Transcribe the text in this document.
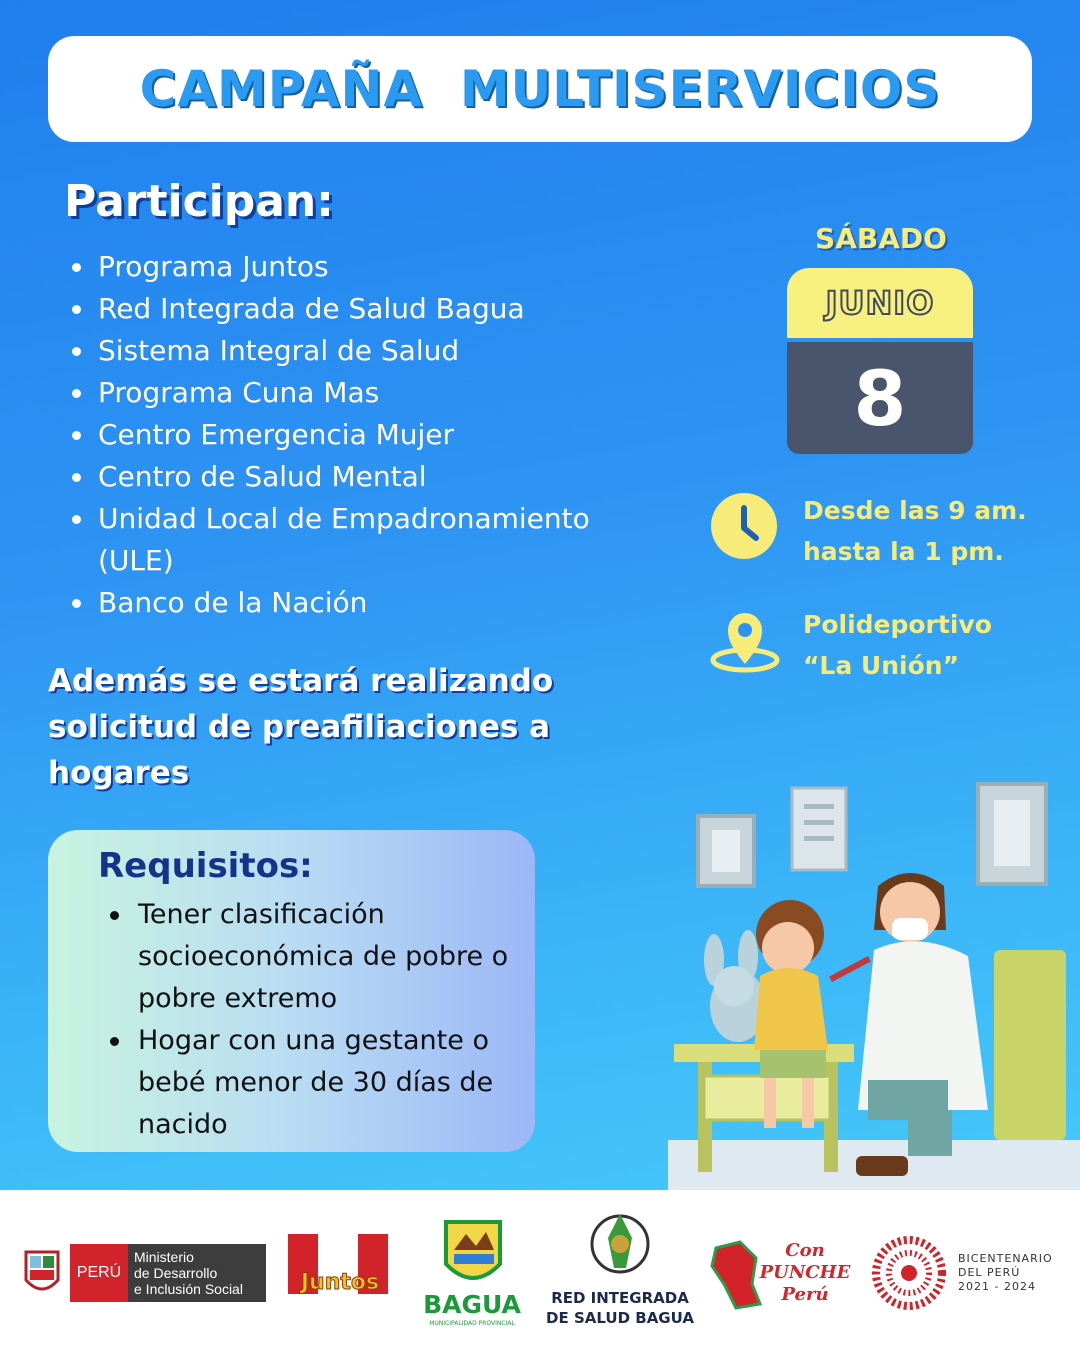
CAMPAÑA  MULTISERVICIOS
Participan:
Programa Juntos
Red Integrada de Salud Bagua
Sistema Integral de Salud
Programa Cuna Mas
Centro Emergencia Mujer
Centro de Salud Mental
Unidad Local de Empadronamiento (ULE)
Banco de la Nación
Además se estará realizando solicitud de preafiliaciones a hogares
Requisitos:
Tener clasificación socioeconómica de pobre o pobre extremo
Hogar con una gestante o bebé menor de 30 días de nacido
SÁBADO
JUNIO
8
Desde las 9 am.
hasta la 1 pm.
Polideportivo
“La Unión”
PERÚ
Ministerio
de Desarrollo
e Inclusión Social	Juntos
BAGUA
MUNICIPALIDAD PROVINCIAL
RED INTEGRADA
DE SALUD BAGUA
Con
PUNCHE
Perú
BICENTENARIO
DEL PERÚ
2021 - 2024
